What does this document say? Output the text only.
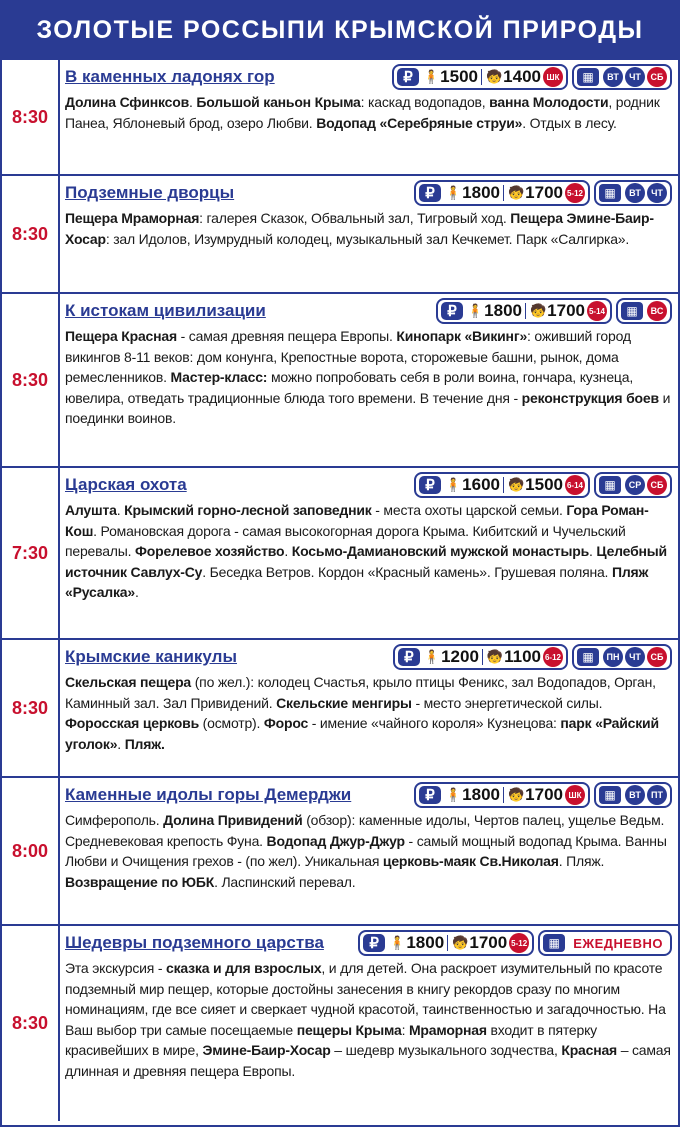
ЗОЛОТЫЕ РОССЫПИ КРЫМСКОЙ ПРИРОДЫ
8:30
В каменных ладонях гор	₽ 🧍 1500 🧒 1400 ШК	▦	ВТ	ЧТ	СБ
Долина Сфинксов. Большой каньон Крыма: каскад водопадов, ванна Молодости, родник Панеа, Яблоневый брод, озеро Любви. Водопад «Серебряные струи». Отдых в лесу.
8:30
Подземные дворцы	₽ 🧍 1800 🧒 1700 5-12	▦	ВТ	ЧТ
Пещера Мраморная: галерея Сказок, Обвальный зал, Тигровый ход. Пещера Эмине-Баир-Хосар: зал Идолов, Изумрудный колодец, музыкальный зал Кечкемет. Парк «Салгирка».
8:30
К истокам цивилизации	₽ 🧍 1800 🧒 1700 5-14	▦	ВС
Пещера Красная - самая древняя пещера Европы. Кинопарк «Викинг»: оживший город викингов 8-11 веков: дом конунга, Крепостные ворота, сторожевые башни, рынок, дома ремесленников. Мастер-класс: можно попробовать себя в роли воина, гончара, кузнеца, ювелира, отведать традиционные блюда того времени. В течение дня - реконструкция боев и поединки воинов.
7:30
Царская охота	₽ 🧍 1600 🧒 1500 6-14	▦	СР	СБ
Алушта. Крымский горно-лесной заповедник - места охоты царской семьи. Гора Роман-Кош. Романовская дорога - самая высокогорная дорога Крыма. Кибитский и Чучельский перевалы. Форелевое хозяйство. Косьмо-Дамиановский мужской монастырь. Целебный источник Савлух-Су. Беседка Ветров. Кордон «Красный камень». Грушевая поляна. Пляж «Русалка».
8:30
Крымские каникулы	₽ 🧍 1200 🧒 1100 6-12	▦	ПН	ЧТ	СБ
Скельская пещера (по жел.): колодец Счастья, крыло птицы Феникс, зал Водопадов, Орган, Каминный зал. Зал Привидений. Скельские менгиры - место энергетической силы. Форосская церковь (осмотр). Форос - имение «чайного короля» Кузнецова: парк «Райский уголок». Пляж.
8:00
Каменные идолы горы Демерджи	₽ 🧍 1800 🧒 1700 ШК	▦	ВТ	ПТ
Симферополь. Долина Привидений (обзор): каменные идолы, Чертов палец, ущелье Ведьм. Средневековая крепость Фуна. Водопад Джур-Джур - самый мощный водопад Крыма. Ванны Любви и Очищения грехов - (по жел). Уникальная церковь-маяк Св.Николая. Пляж. Возвращение по ЮБК. Ласпинский перевал.
8:30
Шедевры подземного царства	₽ 🧍 1800 🧒 1700 5-12	▦	ЕЖЕДНЕВНО
Эта экскурсия - сказка и для взрослых, и для детей. Она раскроет изумительный по красоте подземный мир пещер, которые достойны занесения в книгу рекордов сразу по многим номинациям, где все сияет и сверкает чудной красотой, таинственностью и загадочностью. На Ваш выбор три самые посещаемые пещеры Крыма: Мраморная входит в пятерку красивейших в мире, Эмине-Баир-Хосар – шедевр музыкального зодчества, Красная – самая длинная и древняя пещера Европы.
